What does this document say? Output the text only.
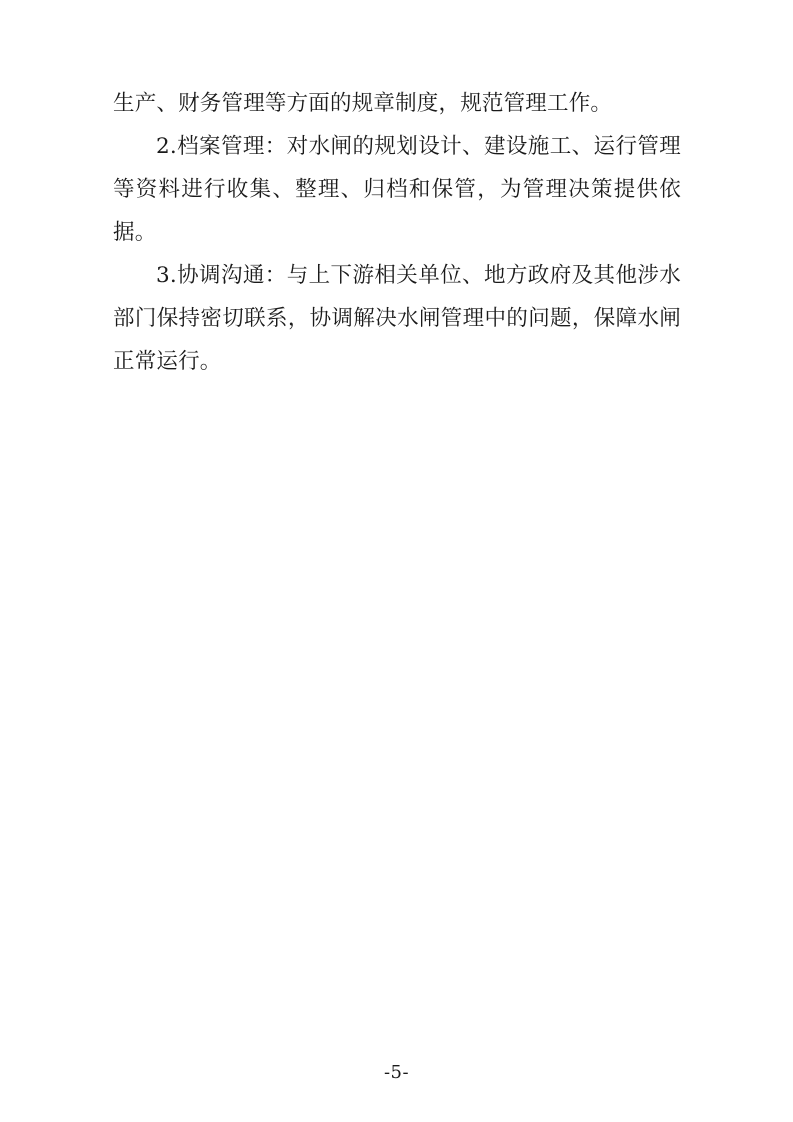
生产、财务管理等方面的规章制度，规范管理工作。

2.档案管理：对水闸的规划设计、建设施工、运行管理等资料进行收集、整理、归档和保管，为管理决策提供依据。

3.协调沟通：与上下游相关单位、地方政府及其他涉水部门保持密切联系，协调解决水闸管理中的问题，保障水闸正常运行。

-5-
